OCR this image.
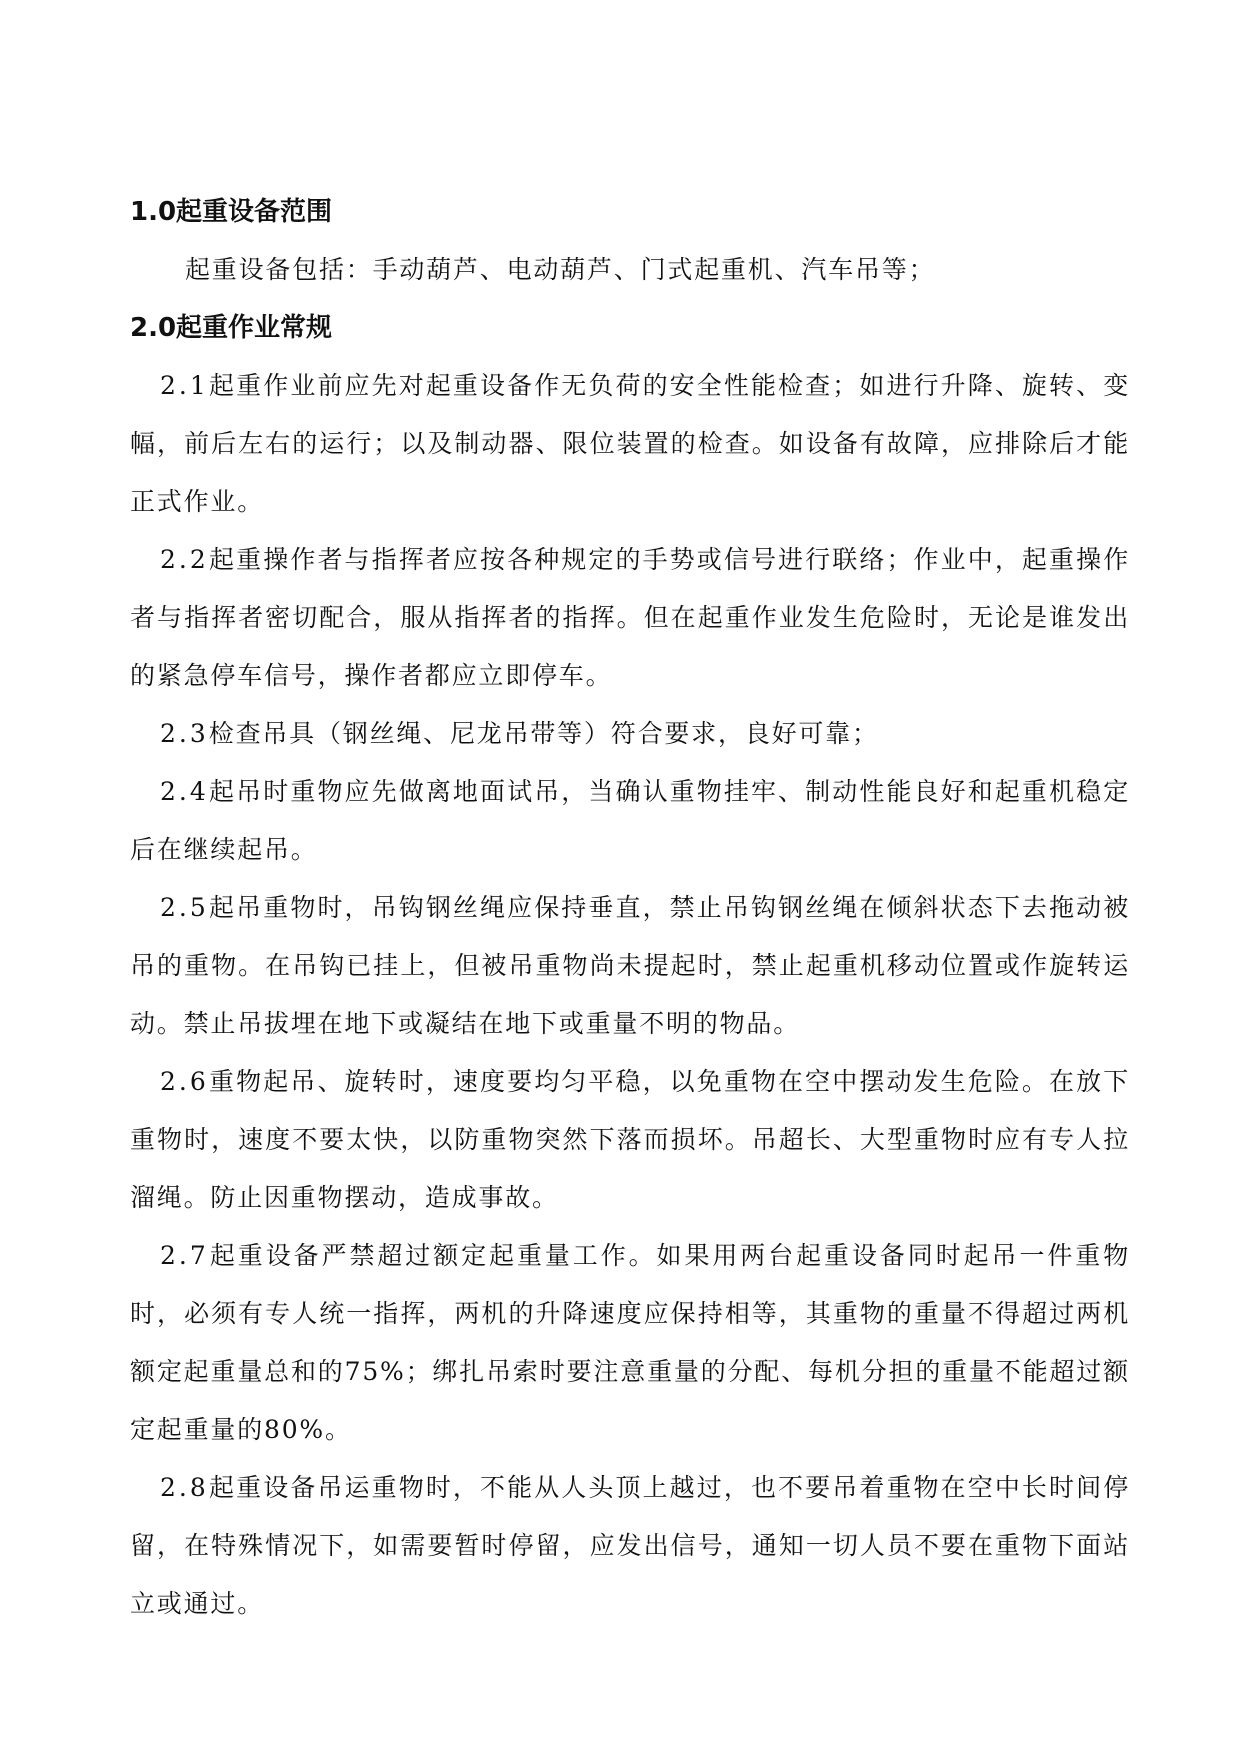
1.0起重设备范围

起重设备包括：手动葫芦、电动葫芦、门式起重机、汽车吊等；

2.0起重作业常规

2.1起重作业前应先对起重设备作无负荷的安全性能检查；如进行升降、旋转、变幅，前后左右的运行；以及制动器、限位装置的检查。如设备有故障，应排除后才能正式作业。

2.2起重操作者与指挥者应按各种规定的手势或信号进行联络；作业中，起重操作者与指挥者密切配合，服从指挥者的指挥。但在起重作业发生危险时，无论是谁发出的紧急停车信号，操作者都应立即停车。

2.3检查吊具（钢丝绳、尼龙吊带等）符合要求，良好可靠；

2.4起吊时重物应先做离地面试吊，当确认重物挂牢、制动性能良好和起重机稳定后在继续起吊。

2.5起吊重物时，吊钩钢丝绳应保持垂直，禁止吊钩钢丝绳在倾斜状态下去拖动被吊的重物。在吊钩已挂上，但被吊重物尚未提起时，禁止起重机移动位置或作旋转运动。禁止吊拔埋在地下或凝结在地下或重量不明的物品。

2.6重物起吊、旋转时，速度要均匀平稳，以免重物在空中摆动发生危险。在放下重物时，速度不要太快，以防重物突然下落而损坏。吊超长、大型重物时应有专人拉溜绳。防止因重物摆动，造成事故。

2.7起重设备严禁超过额定起重量工作。如果用两台起重设备同时起吊一件重物时，必须有专人统一指挥，两机的升降速度应保持相等，其重物的重量不得超过两机额定起重量总和的75%；绑扎吊索时要注意重量的分配、每机分担的重量不能超过额定起重量的80%。

2.8起重设备吊运重物时，不能从人头顶上越过，也不要吊着重物在空中长时间停留，在特殊情况下，如需要暂时停留，应发出信号，通知一切人员不要在重物下面站立或通过。
